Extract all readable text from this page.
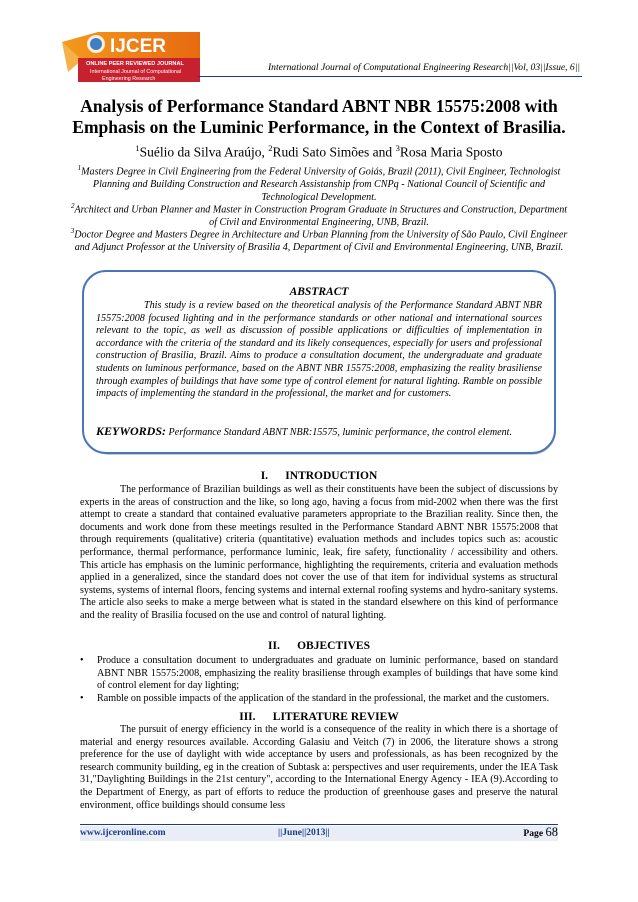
IJCER
ONLINE PEER REVIEWED JOURNAL
International Journal of Computational
Engineering Research
International Journal of Computational Engineering Research||Vol, 03||Issue, 6||
Analysis of Performance Standard ABNT NBR 15575:2008 with Emphasis on the Luminic Performance, in the Context of Brasilia.
$^1$Suélio da Silva Araújo, $^2$Rudi Sato Simões and $^3$Rosa Maria Sposto
$^1$Masters Degree in Civil Engineering from the Federal University of Goiás, Brazil (2011), Civil Engineer, Technologist Planning and Building Construction and Research Assistanship from CNPq - National Council of Scientific and Technological Development.
$^2$Architect and Urban Planner and Master in Construction Program Graduate in Structures and Construction, Department of Civil and Environmental Engineering, UNB, Brazil.
$^3$Doctor Degree and Masters Degree in Architecture and Urban Planning from the University of São Paulo, Civil Engineer and Adjunct Professor at the University of Brasilia 4, Department of Civil and Environmental Engineering, UNB, Brazil.
ABSTRACT
This study is a review based on the theoretical analysis of the Performance Standard ABNT NBR 15575:2008 focused lighting and in the performance standards or other national and international sources relevant to the topic, as well as discussion of possible applications or difficulties of implementation in accordance with the criteria of the standard and its likely consequences, especially for users and professional construction of Brasilia, Brazil. Aims to produce a consultation document, the undergraduate and graduate students on luminous performance, based on the ABNT NBR 15575:2008, emphasizing the reality brasiliense through examples of buildings that have some type of control element for natural lighting. Ramble on possible impacts of implementing the standard in the professional, the market and for customers.
KEYWORDS: Performance Standard ABNT NBR:15575, luminic performance, the control element.
I.      INTRODUCTION
The performance of Brazilian buildings as well as their constituents have been the subject of discussions by experts in the areas of construction and the like, so long ago, having a focus from mid-2002 when there was the first attempt to create a standard that contained evaluative parameters appropriate to the Brazilian reality. Since then, the documents and work done from these meetings resulted in the Performance Standard ABNT NBR 15575:2008 that through requirements (qualitative) criteria (quantitative) evaluation methods and includes topics such as: acoustic performance, thermal performance, performance luminic, leak, fire safety, functionality / accessibility and others. This article has emphasis on the luminic performance, highlighting the requirements, criteria and evaluation methods applied in a generalized, since the standard does not cover the use of that item for individual systems as structural systems, systems of internal floors, fencing systems and internal external roofing systems and hydro-sanitary systems. The article also seeks to make a merge between what is stated in the standard elsewhere on this kind of performance and the reality of Brasilia focused on the use and control of natural lighting.
II.      OBJECTIVES
• Produce a consultation document to undergraduates and graduate on luminic performance, based on standard ABNT NBR 15575:2008, emphasizing the reality brasiliense through examples of buildings that have some kind of control element for day lighting;
• Ramble on possible impacts of the application of the standard in the professional, the market and the customers.
III.      LITERATURE REVIEW
The pursuit of energy efficiency in the world is a consequence of the reality in which there is a shortage of material and energy resources available. According Galasiu and Veitch (7) in 2006, the literature shows a strong preference for the use of daylight with wide acceptance by users and professionals, as has been recognized by the research community building, eg in the creation of Subtask a: perspectives and user requirements, under the IEA Task 31,"Daylighting Buildings in the 21st century", according to the International Energy Agency - IEA (9).According to the Department of Energy, as part of efforts to reduce the production of greenhouse gases and preserve the natural environment, office buildings should consume less
www.ijceronline.com	||June||2013||	Page 68
